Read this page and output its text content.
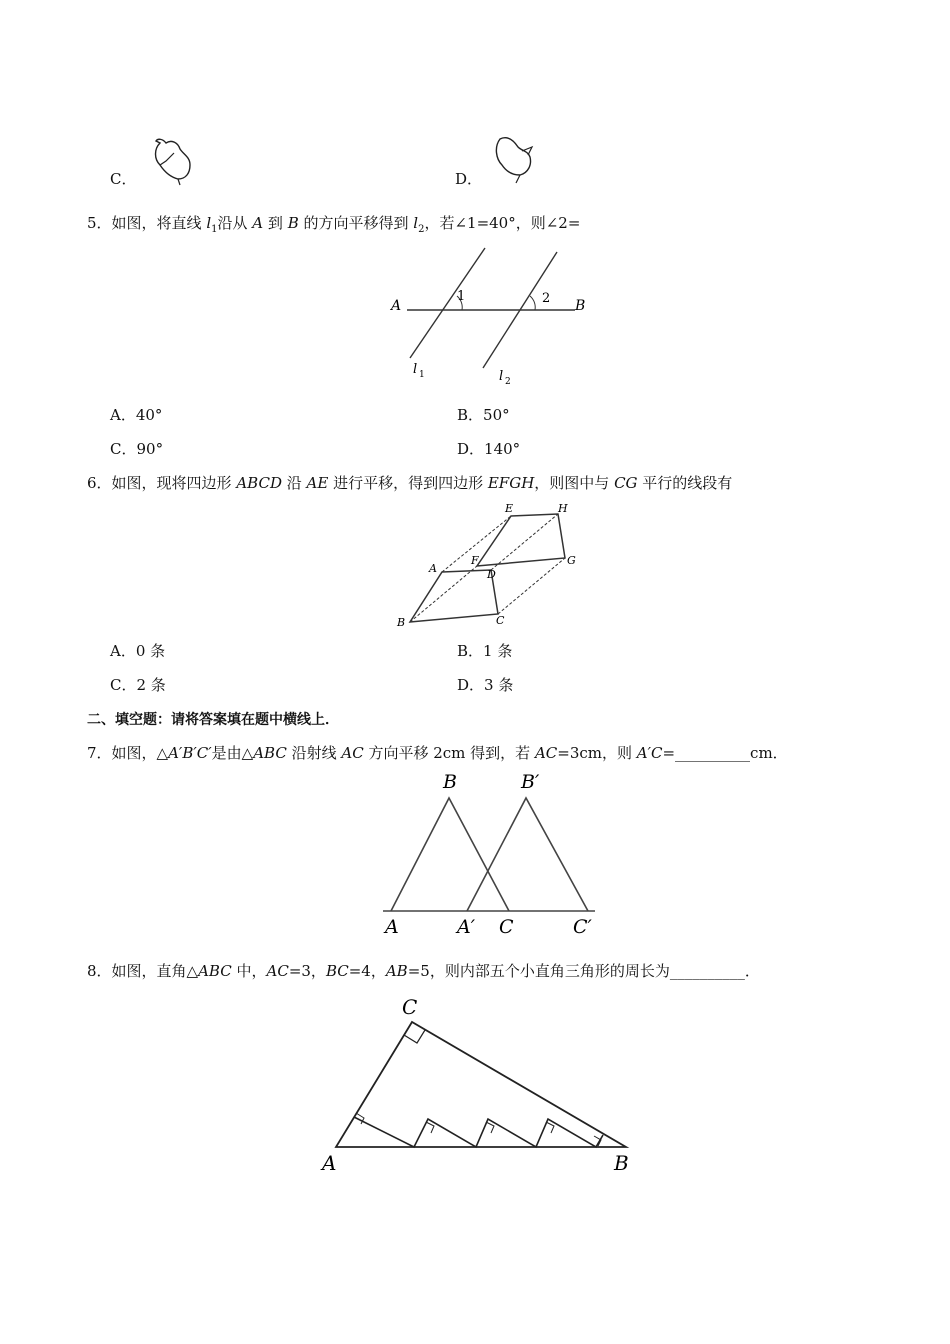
C．	D．
5．如图，将直线 $l_1$沿从 A 到 B 的方向平移得到 $l_2$，若∠1=40°，则∠2=
A	B
1	2
l 1	l 2
A．40°	B．50°
C．90°	D．140°
6．如图，现将四边形 ABCD 沿 AE 进行平移，得到四边形 EFGH，则图中与 CG 平行的线段有
E	H
A
F
D
G
B	C
A．0 条	B．1 条
C．2 条	D．3 条
二、填空题：请将答案填在题中横线上．
7．如图，△A′B′C′是由△ABC 沿射线 AC 方向平移 2cm 得到，若 AC=3cm，则 A′C=__________cm．
B	B′
A	A′ C	C′
8．如图，直角△ABC 中，AC=3，BC=4，AB=5，则内部五个小直角三角形的周长为__________．
C
A	B
